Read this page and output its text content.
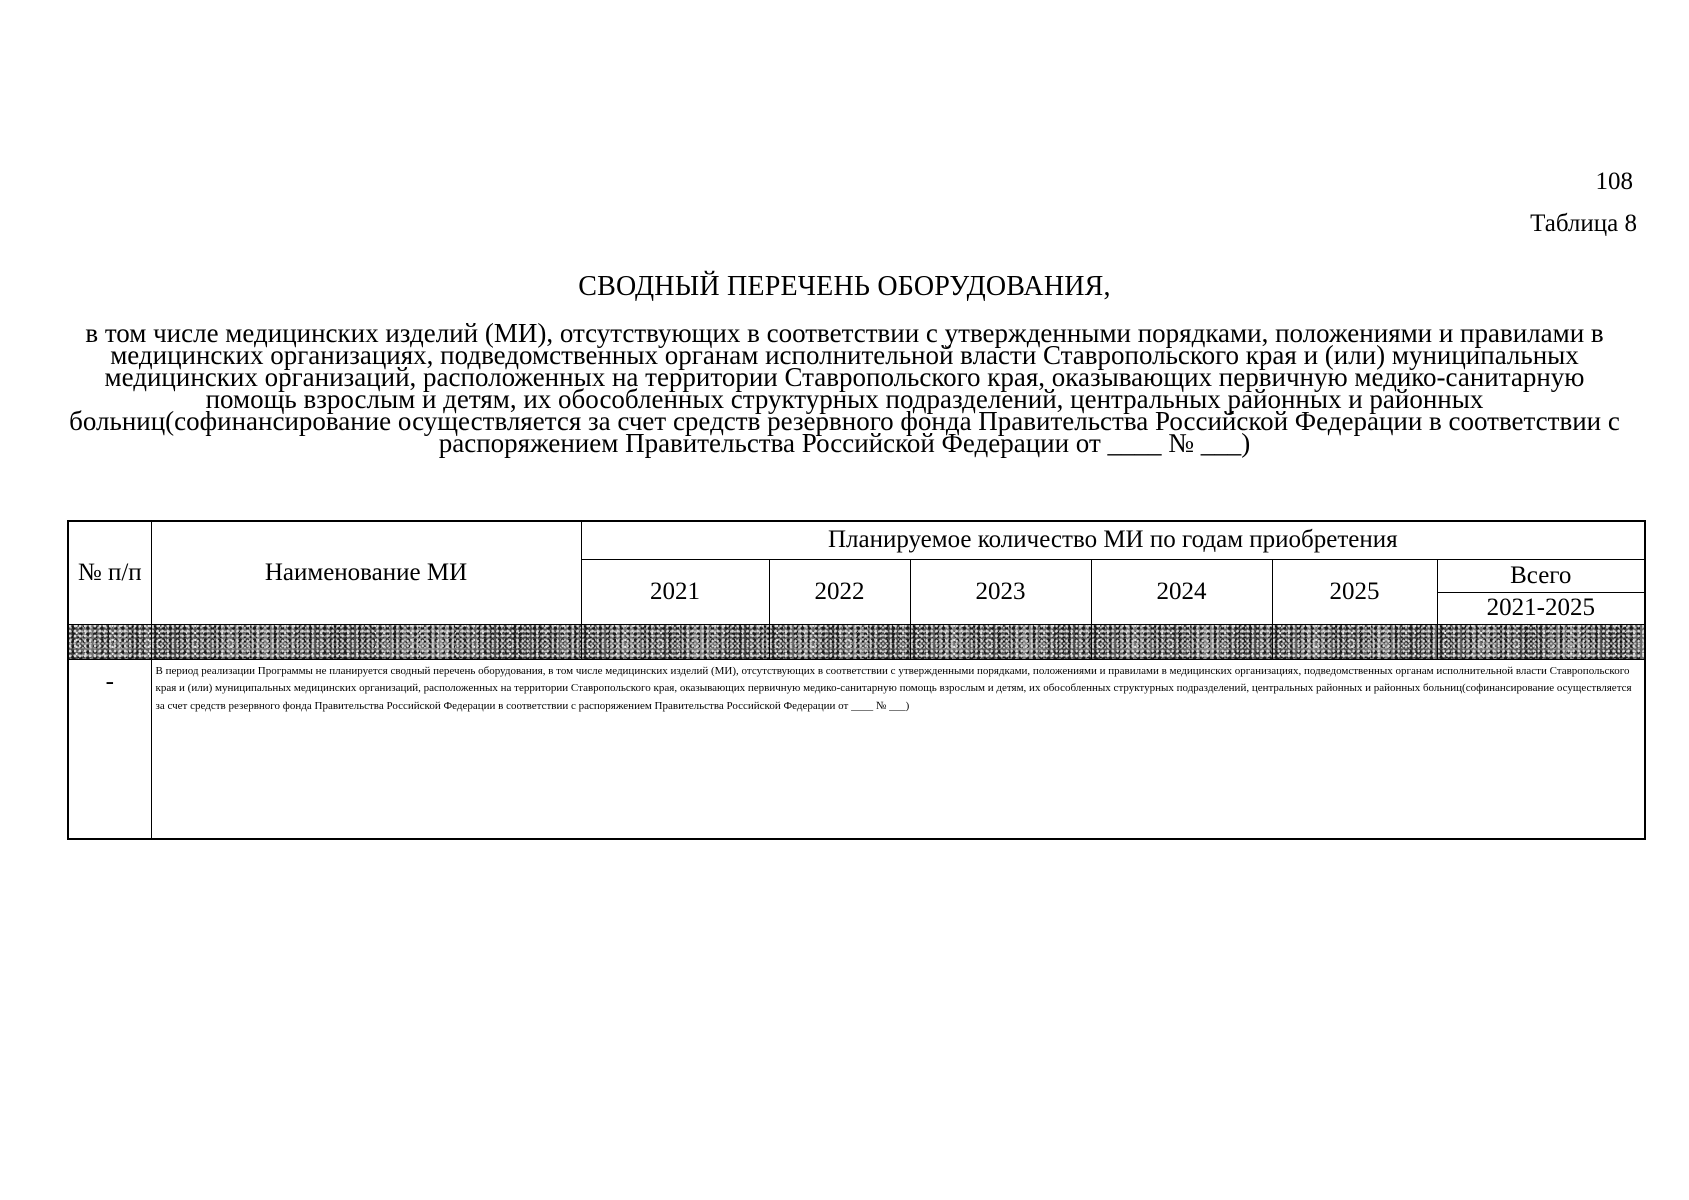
108
Таблица 8
СВОДНЫЙ ПЕРЕЧЕНЬ ОБОРУДОВАНИЯ,
в том числе медицинских изделий (МИ), отсутствующих в соответствии с утвержденными порядками, положениями и правилами в медицинских организациях, подведомственных органам исполнительной власти Ставропольского края и (или) муниципальных медицинских организаций, расположенных на территории Ставропольского края, оказывающих первичную медико-санитарную помощь взрослым и детям, их обособленных структурных подразделений, центральных районных и районных больниц(софинансирование осуществляется за счет средств резервного фонда Правительства Российской Федерации в соответствии с распоряжением Правительства Российской Федерации от ____ № ___)
№ п/п	Наименование МИ	Планируемое количество МИ по годам приобретения					
		2021	2022	2023	2024	2025	Всего
							2021-2025

-	В период реализации Программы не планируется сводный перечень оборудования, в том числе медицинских изделий (МИ), отсутствующих в соответствии с утвержденными порядками, положениями и правилами в медицинских организациях, подведомственных органам исполнительной власти Ставропольского края и (или) муниципальных медицинских организаций, расположенных на территории Ставропольского края, оказывающих первичную медико-санитарную помощь взрослым и детям, их обособленных структурных подразделений, центральных районных и районных больниц(софинансирование осуществляется за счет средств резервного фонда Правительства Российской Федерации в соответствии с распоряжением Правительства Российской Федерации от ____ № ___)						
